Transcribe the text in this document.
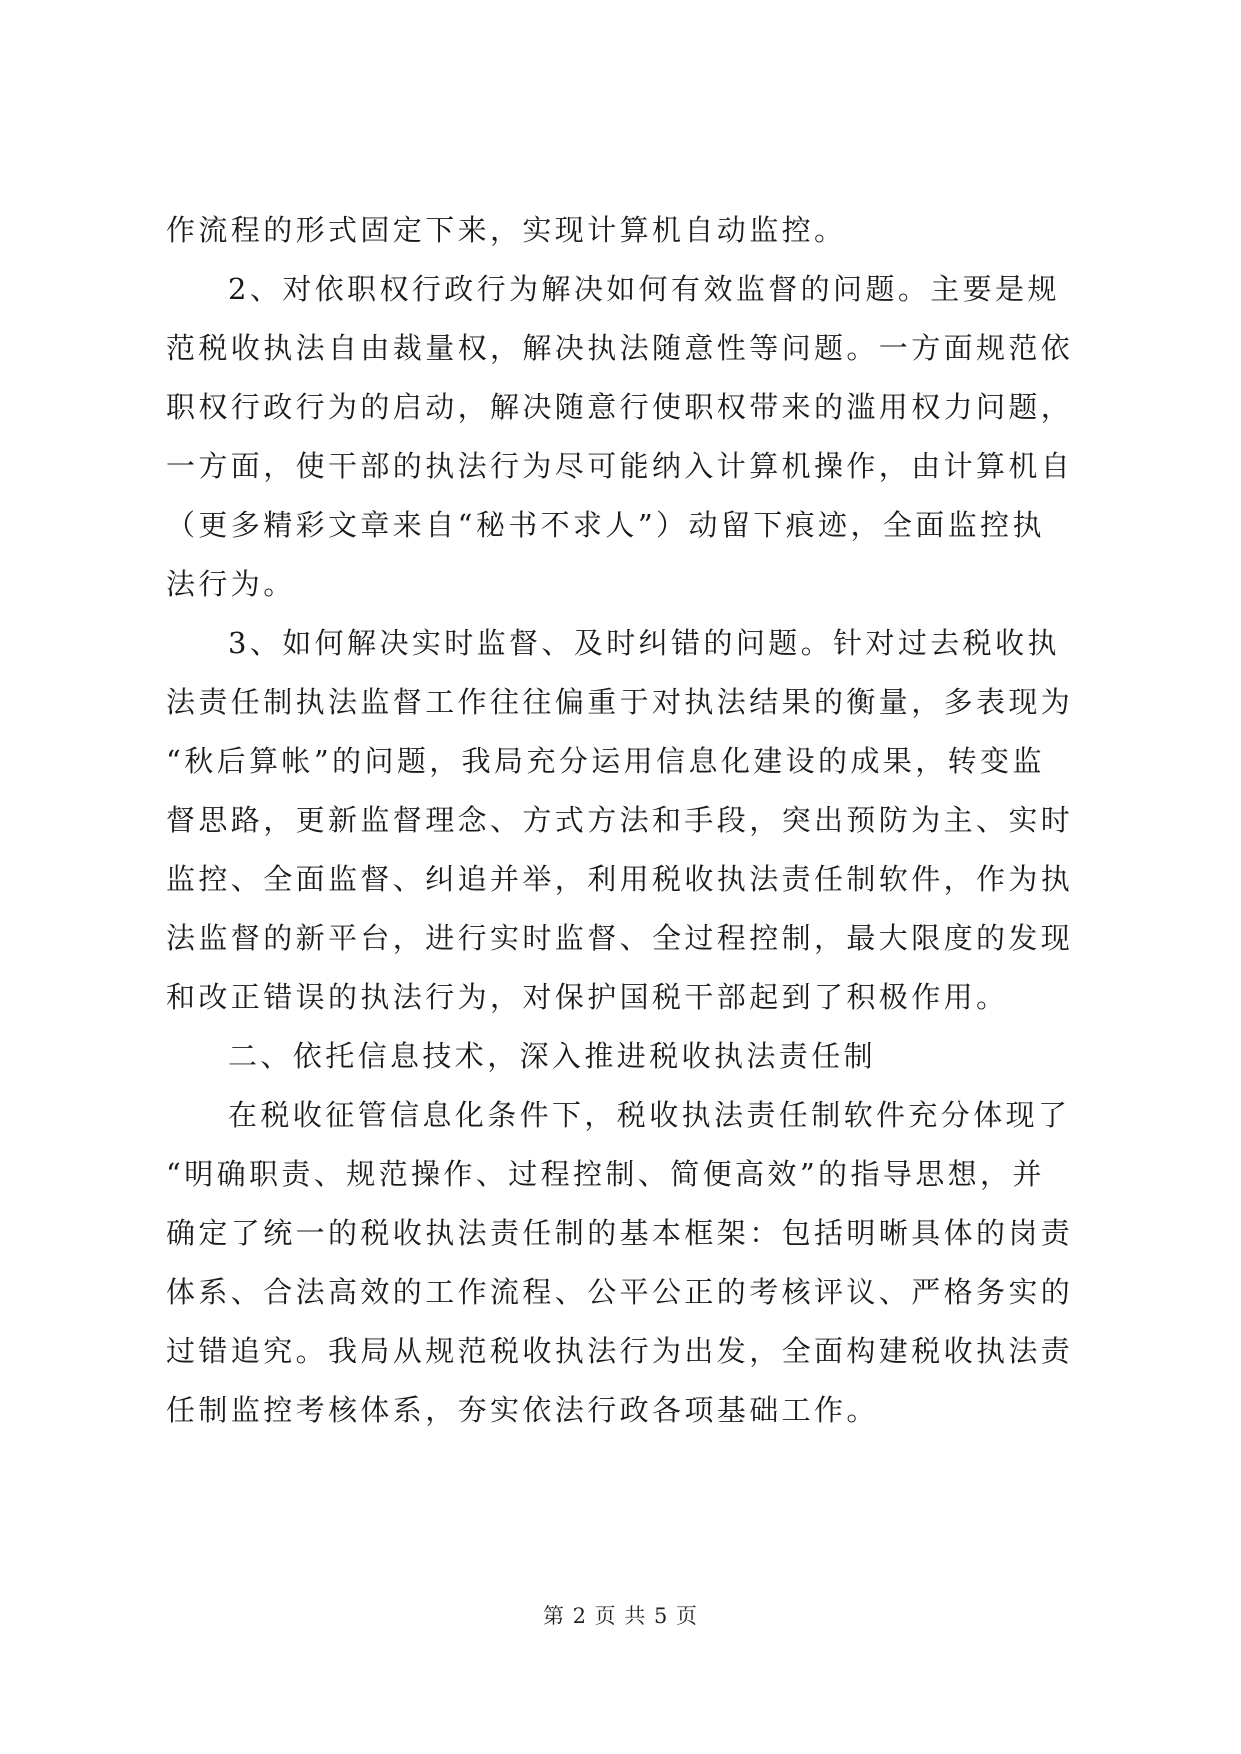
作流程的形式固定下来，实现计算机自动监控。
2、对依职权行政行为解决如何有效监督的问题。主要是规
范税收执法自由裁量权，解决执法随意性等问题。一方面规范依
职权行政行为的启动，解决随意行使职权带来的滥用权力问题，
一方面，使干部的执法行为尽可能纳入计算机操作，由计算机自
（更多精彩文章来自“秘书不求人”）动留下痕迹，全面监控执
法行为。
3、如何解决实时监督、及时纠错的问题。针对过去税收执
法责任制执法监督工作往往偏重于对执法结果的衡量，多表现为
“秋后算帐”的问题，我局充分运用信息化建设的成果，转变监
督思路，更新监督理念、方式方法和手段，突出预防为主、实时
监控、全面监督、纠追并举，利用税收执法责任制软件，作为执
法监督的新平台，进行实时监督、全过程控制，最大限度的发现
和改正错误的执法行为，对保护国税干部起到了积极作用。
二、依托信息技术，深入推进税收执法责任制
在税收征管信息化条件下，税收执法责任制软件充分体现了
“明确职责、规范操作、过程控制、简便高效”的指导思想，并
确定了统一的税收执法责任制的基本框架：包括明晰具体的岗责
体系、合法高效的工作流程、公平公正的考核评议、严格务实的
过错追究。我局从规范税收执法行为出发，全面构建税收执法责
任制监控考核体系，夯实依法行政各项基础工作。
第 2 页 共 5 页
